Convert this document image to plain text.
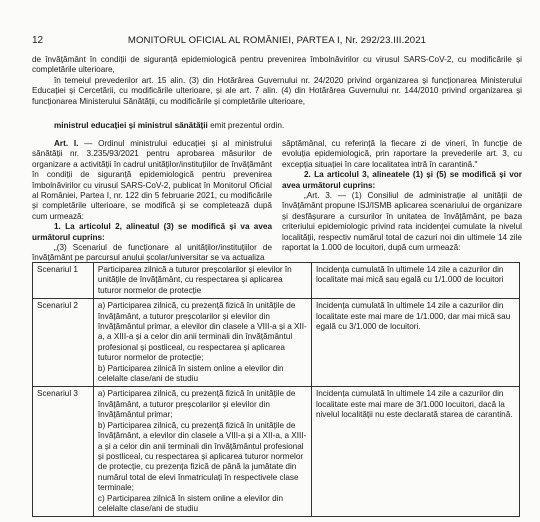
12	MONITORUL OFICIAL AL ROMÂNIEI, PARTEA I, Nr. 292/23.III.2021

de învățământ în condiții de siguranță epidemiologică pentru prevenirea îmbolnăvirilor cu virusul SARS-CoV-2, cu modificările și completările ulterioare,

în temeiul prevederilor art. 15 alin. (3) din Hotărârea Guvernului nr. 24/2020 privind organizarea și funcționarea Ministerului Educației și Cercetării, cu modificările ulterioare, și ale art. 7 alin. (4) din Hotărârea Guvernului nr. 144/2010 privind organizarea și funcționarea Ministerului Sănătății, cu modificările și completările ulterioare,

ministrul educației și ministrul sănătății emit prezentul ordin.

Art. I. — Ordinul ministrului educației și al ministrului sănătății nr. 3.235/93/2021 pentru aprobarea măsurilor de organizare a activității în cadrul unităților/instituțiilor de învățământ în condiții de siguranță epidemiologică pentru prevenirea îmbolnăvirilor cu virusul SARS-CoV-2, publicat în Monitorul Oficial al României, Partea I, nr. 122 din 5 februarie 2021, cu modificările și completările ulterioare, se modifică și se completează după cum urmează:

1. La articolul 2, alineatul (3) se modifică și va avea următorul cuprins:

„(3) Scenariul de funcționare al unităților/instituțiilor de învățământ pe parcursul anului școlar/universitar se va actualiza

săptămânal, cu referință la fiecare zi de vineri, în funcție de evoluția epidemiologică, prin raportare la prevederile art. 3, cu excepția situației în care localitatea intră în carantină."

2. La articolul 3, alineatele (1) și (5) se modifică și vor avea următorul cuprins:

„Art. 3. — (1) Consiliul de administrație al unității de învățământ propune ISJ/ISMB aplicarea scenariului de organizare și desfășurare a cursurilor în unitatea de învățământ, pe baza criteriului epidemiologic privind rata incidenței cumulate la nivelul localității, respectiv numărul total de cazuri noi din ultimele 14 zile raportat la 1.000 de locuitori, după cum urmează:

Scenariul 1	Participarea zilnică a tuturor preșcolarilor și elevilor în unitățile de învățământ, cu respectarea și aplicarea tuturor normelor de protecție	Incidența cumulată în ultimele 14 zile a cazurilor din localitate mai mică sau egală cu 1/1.000 de locuitori
Scenariul 2	a) Participarea zilnică, cu prezență fizică în unitățile de învățământ, a tuturor preșcolarilor și elevilor din învățământul primar, a elevilor din clasele a VIII-a și a XII-a, a XIII-a și a celor din anii terminali din învățământul profesional și postliceal, cu respectarea și aplicarea tuturor normelor de protecție;

b) Participarea zilnică în sistem online a elevilor din celelalte clase/ani de studiu	Incidența cumulată în ultimele 14 zile a cazurilor din localitate este mai mare de 1/1.000, dar mai mică sau egală cu 3/1.000 de locuitori.
Scenariul 3	a) Participarea zilnică, cu prezență fizică în unitățile de învățământ, a tuturor preșcolarilor și elevilor din învățământul primar;

b) Participarea zilnică, cu prezență fizică în unitățile de învățământ, a elevilor din clasele a VIII-a și a XII-a, a XIII-a și a celor din anii terminali din învățământul profesional și postliceal, cu respectarea și aplicarea tuturor normelor de protecție, cu prezența fizică de până la jumătate din numărul total de elevi înmatriculați în respectivele clase terminale;

c) Participarea zilnică în sistem online a elevilor din celelalte clase/ani de studiu	Incidența cumulată în ultimele 14 zile a cazurilor din localitate este mai mare de 3/1.000 locuitori, dacă la nivelul localității nu este declarată starea de carantină.
